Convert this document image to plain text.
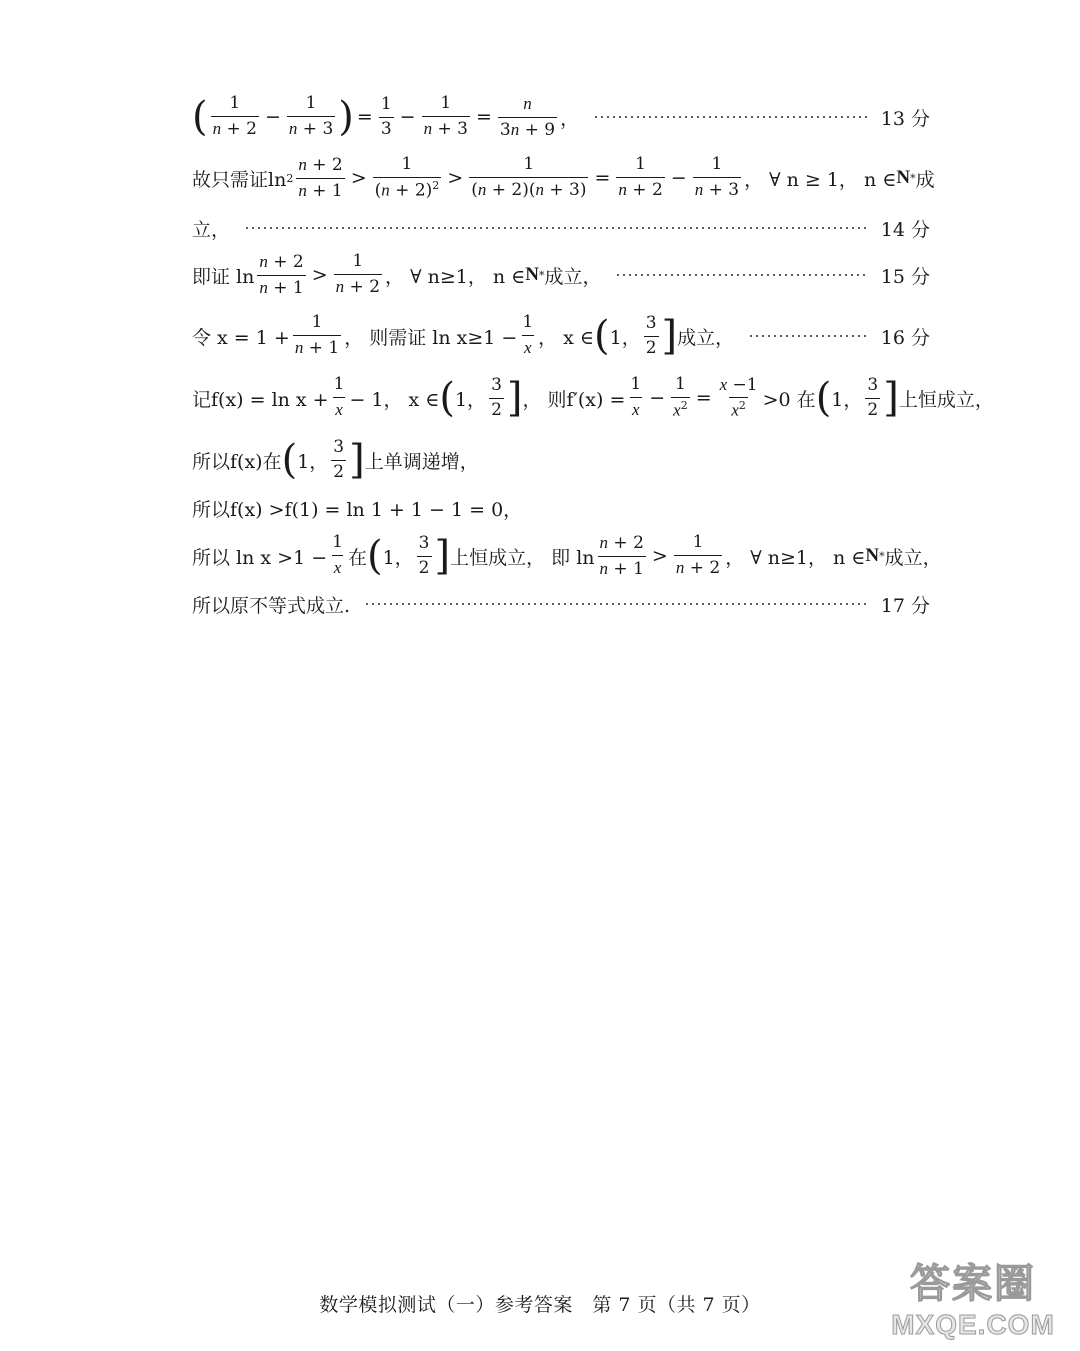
( $\frac{1}{n + 2} - \frac{1}{n + 3}$ ) = $\frac{1}{3} - \frac{1}{n + 3} = \frac{n}{3n + 9}$ ，	13 分
故只需证$\ln 2 \frac{n + 2}{n + 1} > \frac{1}{(n + 2)^2} > \frac{1}{(n + 2)(n + 3)} = \frac{1}{n + 2} - \frac{1}{n + 3}$ ， ∀ n ≥ 1， n ∈ N * 成
立，	14 分
即证 $\ln \frac{n + 2}{n + 1} > \frac{1}{n + 2}$ ， ∀ n≥1， n ∈ N * 成立，	15 分
令 $x = 1 + \frac{1}{n + 1}$ ， 则需证 $\ln x\ge 1 - \frac{1}{x}$ ， x ∈ ( 1， $\frac{3}{2}$ ] 成立，	16 分
记$f(x) = \ln x + \frac{1}{x} - 1$， x ∈ ( 1， $\frac{3}{2}$ ] ， 则$f'(x) = \frac{1}{x} - \frac{1}{x^2} = \frac{x -1}{x^2} >0$ 在 ( 1， $\frac{3}{2}$ ] 上恒成立，
所以f(x)在 ( 1， $\frac{3}{2}$ ] 上单调递增，
所以f(x) >f(1) = ln 1 + 1 − 1 = 0，
所以 $\ln x >1 - \frac{1}{x}$ 在 ( 1， $\frac{3}{2}$ ] 上恒成立， 即 $\ln \frac{n + 2}{n + 1} > \frac{1}{n + 2}$ ， ∀ n≥1， n ∈ N * 成立，
所以原不等式成立.	17 分
数学模拟测试（一）参考答案　第 7 页（共 7 页）	答案圈
MXQE.COM
